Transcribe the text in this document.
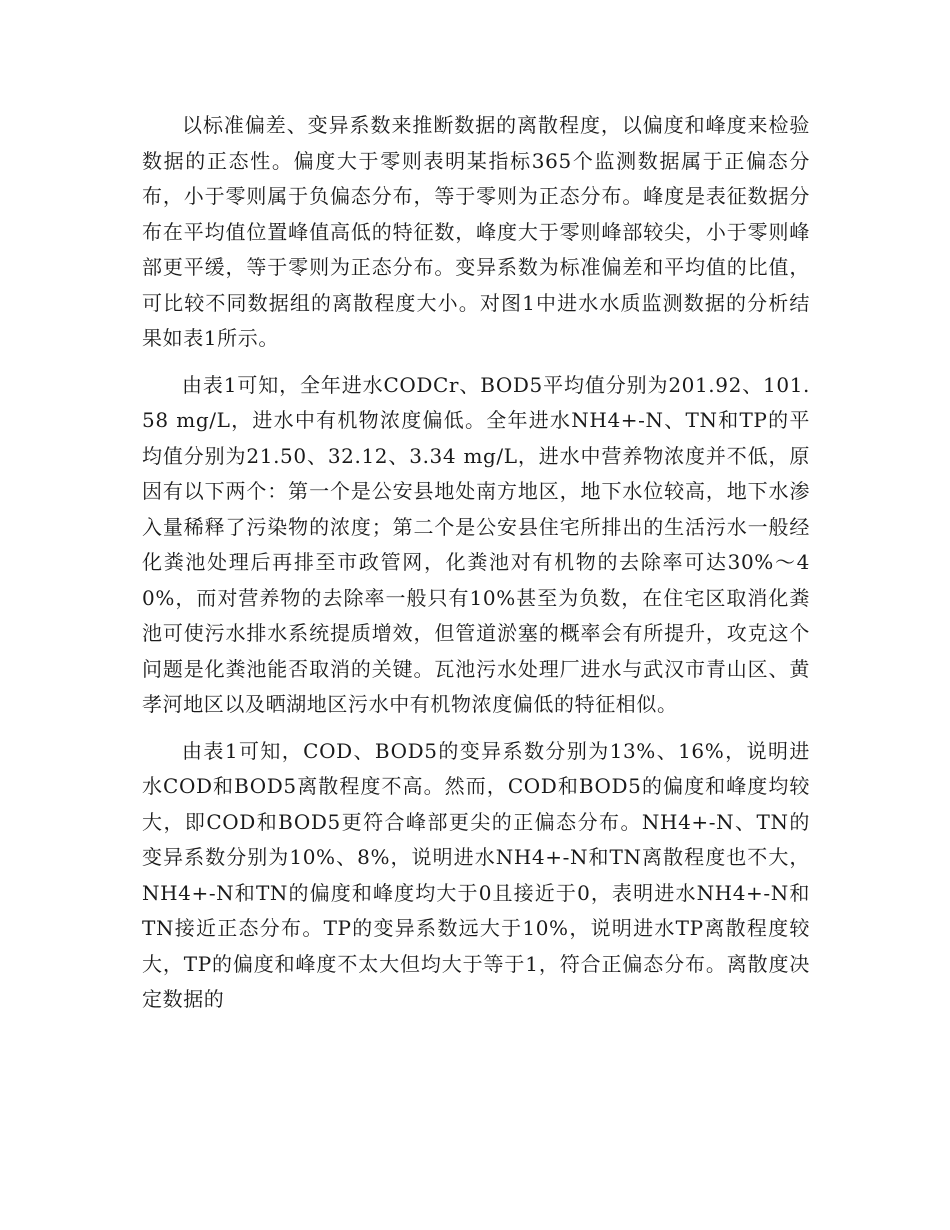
以标准偏差、变异系数来推断数据的离散程度，以偏度和峰度来检验数据的正态性。偏度大于零则表明某指标365个监测数据属于正偏态分布，小于零则属于负偏态分布，等于零则为正态分布。峰度是表征数据分布在平均值位置峰值高低的特征数，峰度大于零则峰部较尖，小于零则峰部更平缓，等于零则为正态分布。变异系数为标准偏差和平均值的比值，可比较不同数据组的离散程度大小。对图1中进水水质监测数据的分析结果如表1所示。

由表1可知，全年进水CODCr、BOD5平均值分别为201.92、101.58 mg/L，进水中有机物浓度偏低。全年进水NH4+-N、TN和TP的平均值分别为21.50、32.12、3.34 mg/L，进水中营养物浓度并不低，原因有以下两个：第一个是公安县地处南方地区，地下水位较高，地下水渗入量稀释了污染物的浓度；第二个是公安县住宅所排出的生活污水一般经化粪池处理后再排至市政管网，化粪池对有机物的去除率可达30%～40%，而对营养物的去除率一般只有10%甚至为负数，在住宅区取消化粪池可使污水排水系统提质增效，但管道淤塞的概率会有所提升，攻克这个问题是化粪池能否取消的关键。瓦池污水处理厂进水与武汉市青山区、黄孝河地区以及晒湖地区污水中有机物浓度偏低的特征相似。

由表1可知，COD、BOD5的变异系数分别为13%、16%，说明进水COD和BOD5离散程度不高。然而，COD和BOD5的偏度和峰度均较大，即COD和BOD5更符合峰部更尖的正偏态分布。NH4+-N、TN的变异系数分别为10%、8%，说明进水NH4+-N和TN离散程度也不大，NH4+-N和TN的偏度和峰度均大于0且接近于0，表明进水NH4+-N和TN接近正态分布。TP的变异系数远大于10%，说明进水TP离散程度较大，TP的偏度和峰度不太大但均大于等于1，符合正偏态分布。离散度决定数据的
